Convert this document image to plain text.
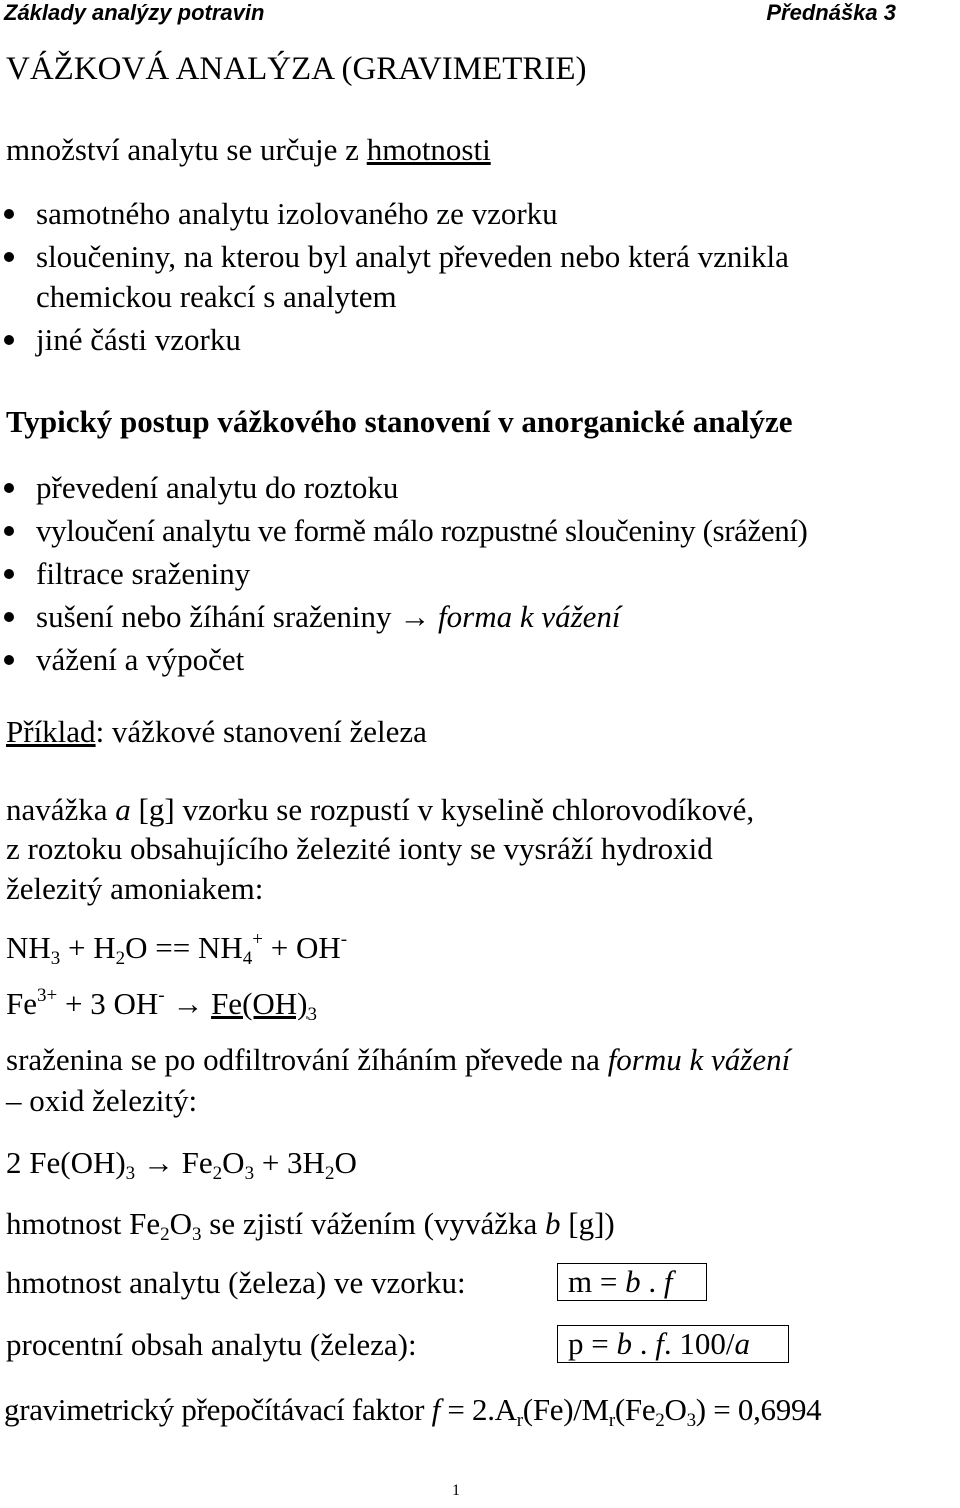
Základy analýzy potravin	Přednáška 3
VÁŽKOVÁ ANALÝZA (GRAVIMETRIE)
množství analytu se určuje z hmotnosti
samotného analytu izolovaného ze vzorku
sloučeniny, na kterou byl analyt převeden nebo která vznikla
chemickou reakcí s analytem
jiné části vzorku
Typický postup vážkového stanovení v anorganické analýze
převedení analytu do roztoku
vyloučení analytu ve formě málo rozpustné sloučeniny (srážení)
filtrace sraženiny
sušení nebo žíhání sraženiny → forma k vážení
vážení a výpočet
Příklad: vážkové stanovení železa
navážka a [g] vzorku se rozpustí v kyselině chlorovodíkové,
z roztoku obsahujícího železité ionty se vysráží hydroxid
železitý amoniakem:
$NH_3 + H_2O == NH_4^+ + OH^-$
$Fe^{3+} + 3$ $OH^- \to Fe(OH)_3$
sraženina se po odfiltrování žíháním převede na formu k vážení
– oxid železitý:
2 $Fe(OH)_3 \to Fe_2O_3 + 3H_2O$
hmotnost $Fe_2O_3$ se zjistí vážením (vyvážka b [g])
hmotnost analytu (železa) ve vzorku:	m = b . f
procentní obsah analytu (železa):	p = b . f. 100/a
gravimetrický přepočítávací faktor $f = 2.A_r(Fe)/M_r(Fe_2O_3) = 0,6994$
1
